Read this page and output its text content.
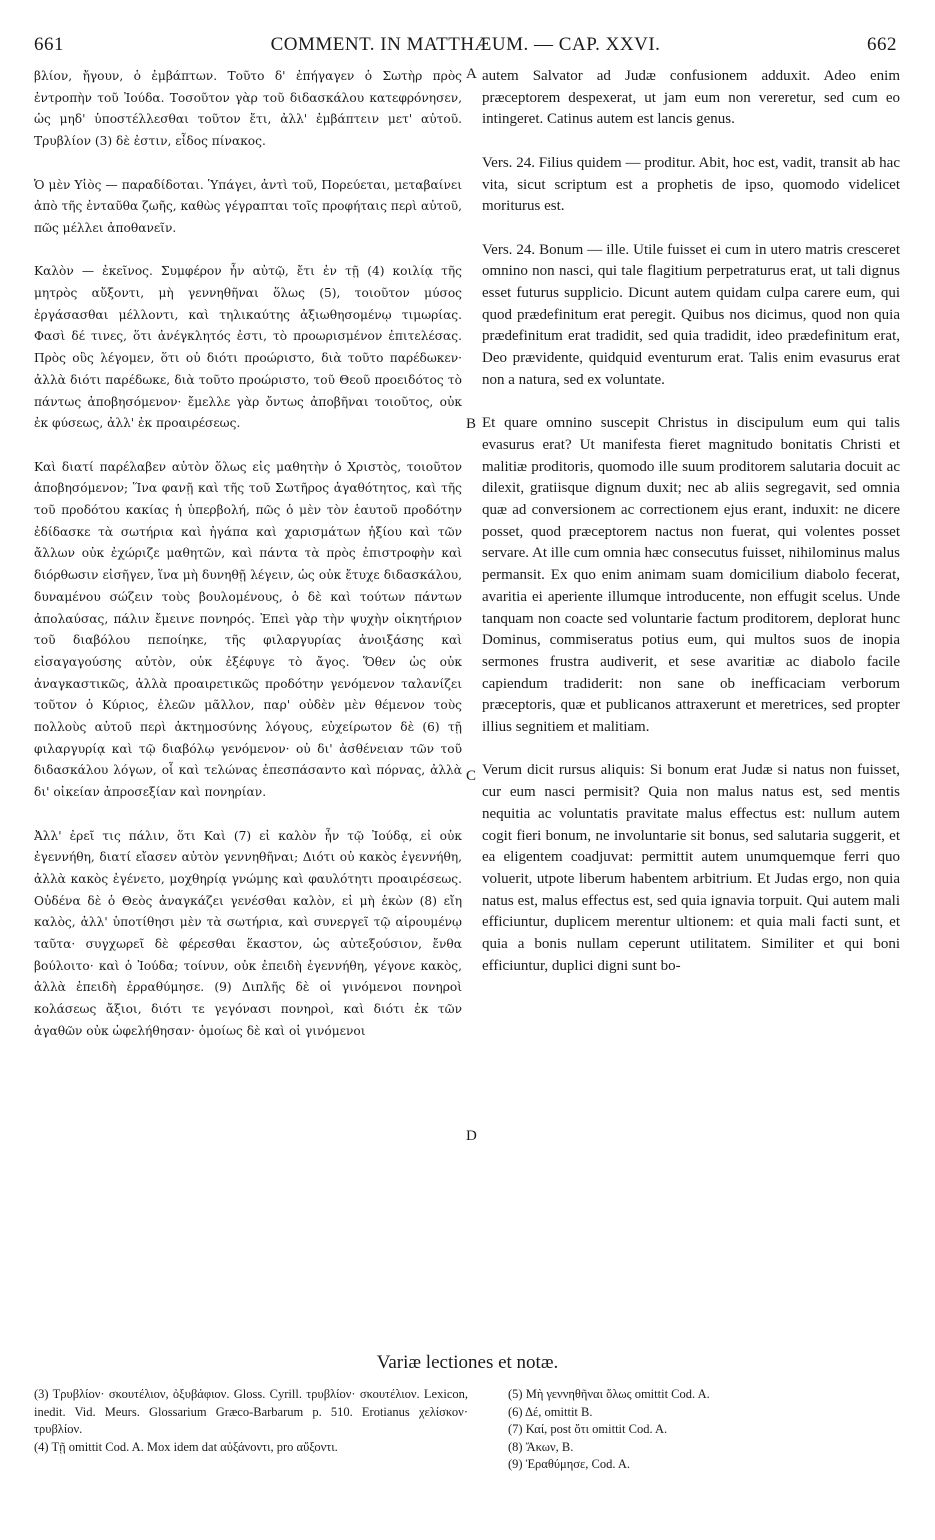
661	COMMENT. IN MATTHÆUM. — CAP. XXVI.	662

βλίον, ἤγουν, ὁ ἐμβάπτων. Τοῦτο δ' ἐπήγαγεν ὁ Σωτὴρ πρὸς ἐντροπὴν τοῦ Ἰούδα. Τοσοῦτον γὰρ τοῦ διδασκάλου κατεφρόνησεν, ὡς μηδ' ὑποστέλλεσθαι τοῦτον ἔτι, ἀλλ' ἐμβάπτειν μετ' αὐτοῦ. Τρυβλίον (3) δὲ ἐστιν, εἶδος πίνακος.

Ὁ μὲν Υἱὸς — παραδίδοται. Ὑπάγει, ἀντὶ τοῦ, Πορεύεται, μεταβαίνει ἀπὸ τῆς ἐνταῦθα ζωῆς, καθὼς γέγραπται τοῖς προφήταις περὶ αὐτοῦ, πῶς μέλλει ἀποθανεῖν.

Καλὸν — ἐκεῖνος. Συμφέρον ἦν αὐτῷ, ἔτι ἐν τῇ (4) κοιλίᾳ τῆς μητρὸς αὔξοντι, μὴ γεννηθῆναι ὅλως (5), τοιοῦτον μύσος ἐργάσασθαι μέλλοντι, καὶ τηλικαύτης ἀξιωθησομένῳ τιμωρίας. Φασὶ δέ τινες, ὅτι ἀνέγκλητός ἐστι, τὸ προωρισμένον ἐπιτελέσας. Πρὸς οὓς λέγομεν, ὅτι οὐ διότι προώριστο, διὰ τοῦτο παρέδωκεν· ἀλλὰ διότι παρέδωκε, διὰ τοῦτο προώριστο, τοῦ Θεοῦ προειδότος τὸ πάντως ἀποβησόμενον· ἔμελλε γὰρ ὄντως ἀποβῆναι τοιοῦτος, οὐκ ἐκ φύσεως, ἀλλ' ἐκ προαιρέσεως.

Καὶ διατί παρέλαβεν αὐτὸν ὅλως εἰς μαθητὴν ὁ Χριστὸς, τοιοῦτον ἀποβησόμενον; Ἵνα φανῇ καὶ τῆς τοῦ Σωτῆρος ἀγαθότητος, καὶ τῆς τοῦ προδότου κακίας ἡ ὑπερβολή, πῶς ὁ μὲν τὸν ἑαυτοῦ προδότην ἐδίδασκε τὰ σωτήρια καὶ ἠγάπα καὶ χαρισμάτων ἠξίου καὶ τῶν ἄλλων οὐκ ἐχώριζε μαθητῶν, καὶ πάντα τὰ πρὸς ἐπιστροφὴν καὶ διόρθωσιν εἰσῆγεν, ἵνα μὴ δυνηθῇ λέγειν, ὡς οὐκ ἔτυχε διδασκάλου, δυναμένου σώζειν τοὺς βουλομένους, ὁ δὲ καὶ τούτων πάντων ἀπολαύσας, πάλιν ἔμεινε πονηρός. Ἐπεὶ γὰρ τὴν ψυχὴν οἰκητήριον τοῦ διαβόλου πεποίηκε, τῆς φιλαργυρίας ἀνοιξάσης καὶ εἰσαγαγούσης αὐτὸν, οὐκ ἐξέφυγε τὸ ἄγος. Ὅθεν ὡς οὐκ ἀναγκαστικῶς, ἀλλὰ προαιρετικῶς προδότην γενόμενον ταλανίζει τοῦτον ὁ Κύριος, ἐλεῶν μᾶλλον, παρ' οὐδὲν μὲν θέμενον τοὺς πολλοὺς αὐτοῦ περὶ ἀκτημοσύνης λόγους, εὐχείρωτον δὲ (6) τῇ φιλαργυρίᾳ καὶ τῷ διαβόλῳ γενόμενον· οὐ δι' ἀσθένειαν τῶν τοῦ διδασκάλου λόγων, οἷ καὶ τελώνας ἐπεσπάσαντο καὶ πόρνας, ἀλλὰ δι' οἰκείαν ἀπροσεξίαν καὶ πονηρίαν.

Ἀλλ' ἐρεῖ τις πάλιν, ὅτι Καὶ (7) εἰ καλὸν ἦν τῷ Ἰούδᾳ, εἰ οὐκ ἐγεννήθη, διατί εἴασεν αὐτὸν γεννηθῆναι; Διότι οὐ κακὸς ἐγεννήθη, ἀλλὰ κακὸς ἐγένετο, μοχθηρίᾳ γνώμης καὶ φαυλότητι προαιρέσεως. Οὐδένα δὲ ὁ Θεὸς ἀναγκάζει γενέσθαι καλὸν, εἰ μὴ ἑκὼν (8) εἴη καλὸς, ἀλλ' ὑποτίθησι μὲν τὰ σωτήρια, καὶ συνεργεῖ τῷ αἱρουμένῳ ταῦτα· συγχωρεῖ δὲ φέρεσθαι ἕκαστον, ὡς αὐτεξούσιον, ἔνθα βούλοιτο· καὶ ὁ Ἰούδα; τοίνυν, οὐκ ἐπειδὴ ἐγεννήθη, γέγονε κακὸς, ἀλλὰ ἐπειδὴ ἐρραθύμησε. (9) Διπλῆς δὲ οἱ γινόμενοι πονηροὶ κολάσεως ἄξιοι, διότι τε γεγόνασι πονηροὶ, καὶ διότι ἐκ τῶν ἀγαθῶν οὐκ ὠφελήθησαν· ὁμοίως δὲ καὶ οἱ γινόμενοι

A
B
C
D

autem Salvator ad Judæ confusionem adduxit. Adeo enim præceptorem despexerat, ut jam eum non vereretur, sed cum eo intingeret. Catinus autem est lancis genus.

Vers. 24. Filius quidem — proditur. Abit, hoc est, vadit, transit ab hac vita, sicut scriptum est a prophetis de ipso, quomodo videlicet moriturus est.

Vers. 24. Bonum — ille. Utile fuisset ei cum in utero matris cresceret omnino non nasci, qui tale flagitium perpetraturus erat, ut tali dignus esset futurus supplicio. Dicunt autem quidam culpa carere eum, qui quod prædefinitum erat peregit. Quibus nos dicimus, quod non quia prædefinitum erat tradidit, sed quia tradidit, ideo prædefinitum erat, Deo prævidente, quidquid eventurum erat. Talis enim evasurus erat non a natura, sed ex voluntate.

Et quare omnino suscepit Christus in discipulum eum qui talis evasurus erat? Ut manifesta fieret magnitudo bonitatis Christi et malitiæ proditoris, quomodo ille suum proditorem salutaria docuit ac dilexit, gratiisque dignum duxit; nec ab aliis segregavit, sed omnia quæ ad conversionem ac correctionem ejus erant, induxit: ne dicere posset, quod præceptorem nactus non fuerat, qui volentes posset servare. At ille cum omnia hæc consecutus fuisset, nihilominus malus permansit. Ex quo enim animam suam domicilium diabolo fecerat, avaritia ei aperiente illumque introducente, non effugit scelus. Unde tanquam non coacte sed voluntarie factum proditorem, deplorat hunc Dominus, commiseratus potius eum, qui multos suos de inopia sermones frustra audiverit, et sese avaritiæ ac diabolo facile capiendum tradiderit: non sane ob inefficaciam verborum præceptoris, quæ et publicanos attraxerunt et meretrices, sed propter illius segnitiem et malitiam.

Verum dicit rursus aliquis: Si bonum erat Judæ si natus non fuisset, cur eum nasci permisit? Quia non malus natus est, sed mentis nequitia ac voluntatis pravitate malus effectus est: nullum autem cogit fieri bonum, ne involuntarie sit bonus, sed salutaria suggerit, et ea eligentem coadjuvat: permittit autem unumquemque ferri quo voluerit, utpote liberum habentem arbitrium. Et Judas ergo, non quia natus est, malus effectus est, sed quia ignavia torpuit. Qui autem mali efficiuntur, duplicem merentur ultionem: et quia mali facti sunt, et quia a bonis nullam ceperunt utilitatem. Similiter et qui boni efficiuntur, duplici digni sunt bo-

Variæ lectiones et notæ.

(3) Τρυβλίον· σκουτέλιον, ὀξυβάφιον. Gloss. Cyrill. τρυβλίον· σκουτέλιον. Lexicon, inedit. Vid. Meurs. Glossarium Græco-Barbarum p. 510. Erotianus χελίσκον· τρυβλίον.

(4) Τῇ omittit Cod. A. Mox idem dat αὐξάνοντι, pro αὔξοντι.

(5) Μὴ γεννηθῆναι ὅλως omittit Cod. A.

(6) Δέ, omittit B.

(7) Καί, post ὅτι omittit Cod. A.

(8) Ἄκων, B.

(9) Ἐραθύμησε, Cod. A.
